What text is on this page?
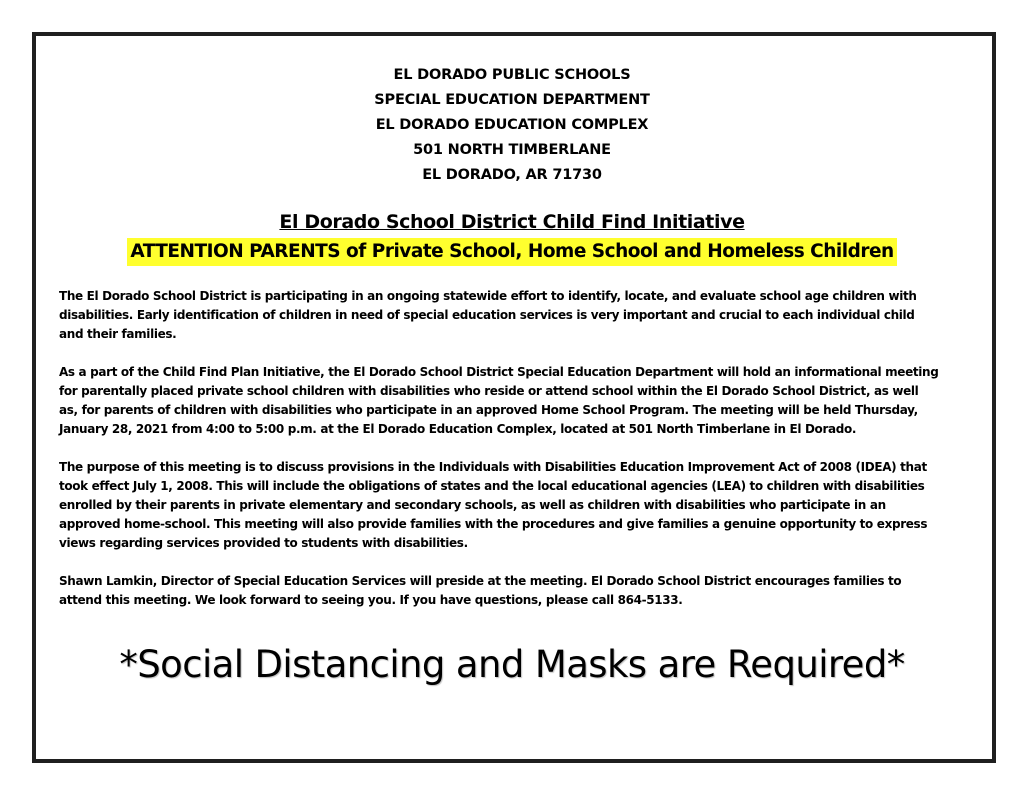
EL DORADO PUBLIC SCHOOLS
SPECIAL EDUCATION DEPARTMENT
EL DORADO EDUCATION COMPLEX
501 NORTH TIMBERLANE
EL DORADO, AR 71730
El Dorado School District Child Find Initiative
ATTENTION PARENTS of Private School, Home School and Homeless Children

The El Dorado School District is participating in an ongoing statewide effort to identify, locate, and evaluate school age children with disabilities. Early identification of children in need of special education services is very important and crucial to each individual child and their families.

As a part of the Child Find Plan Initiative, the El Dorado School District Special Education Department will hold an informational meeting for parentally placed private school children with disabilities who reside or attend school within the El Dorado School District, as well as, for parents of children with disabilities who participate in an approved Home School Program. The meeting will be held Thursday, January 28, 2021 from 4:00 to 5:00 p.m. at the El Dorado Education Complex, located at 501 North Timberlane in El Dorado.

The purpose of this meeting is to discuss provisions in the Individuals with Disabilities Education Improvement Act of 2008 (IDEA) that took effect July 1, 2008. This will include the obligations of states and the local educational agencies (LEA) to children with disabilities enrolled by their parents in private elementary and secondary schools, as well as children with disabilities who participate in an approved home-school. This meeting will also provide families with the procedures and give families a genuine opportunity to express views regarding services provided to students with disabilities.

Shawn Lamkin, Director of Special Education Services will preside at the meeting. El Dorado School District encourages families to attend this meeting. We look forward to seeing you. If you have questions, please call 864-5133.

*Social Distancing and Masks are Required*
